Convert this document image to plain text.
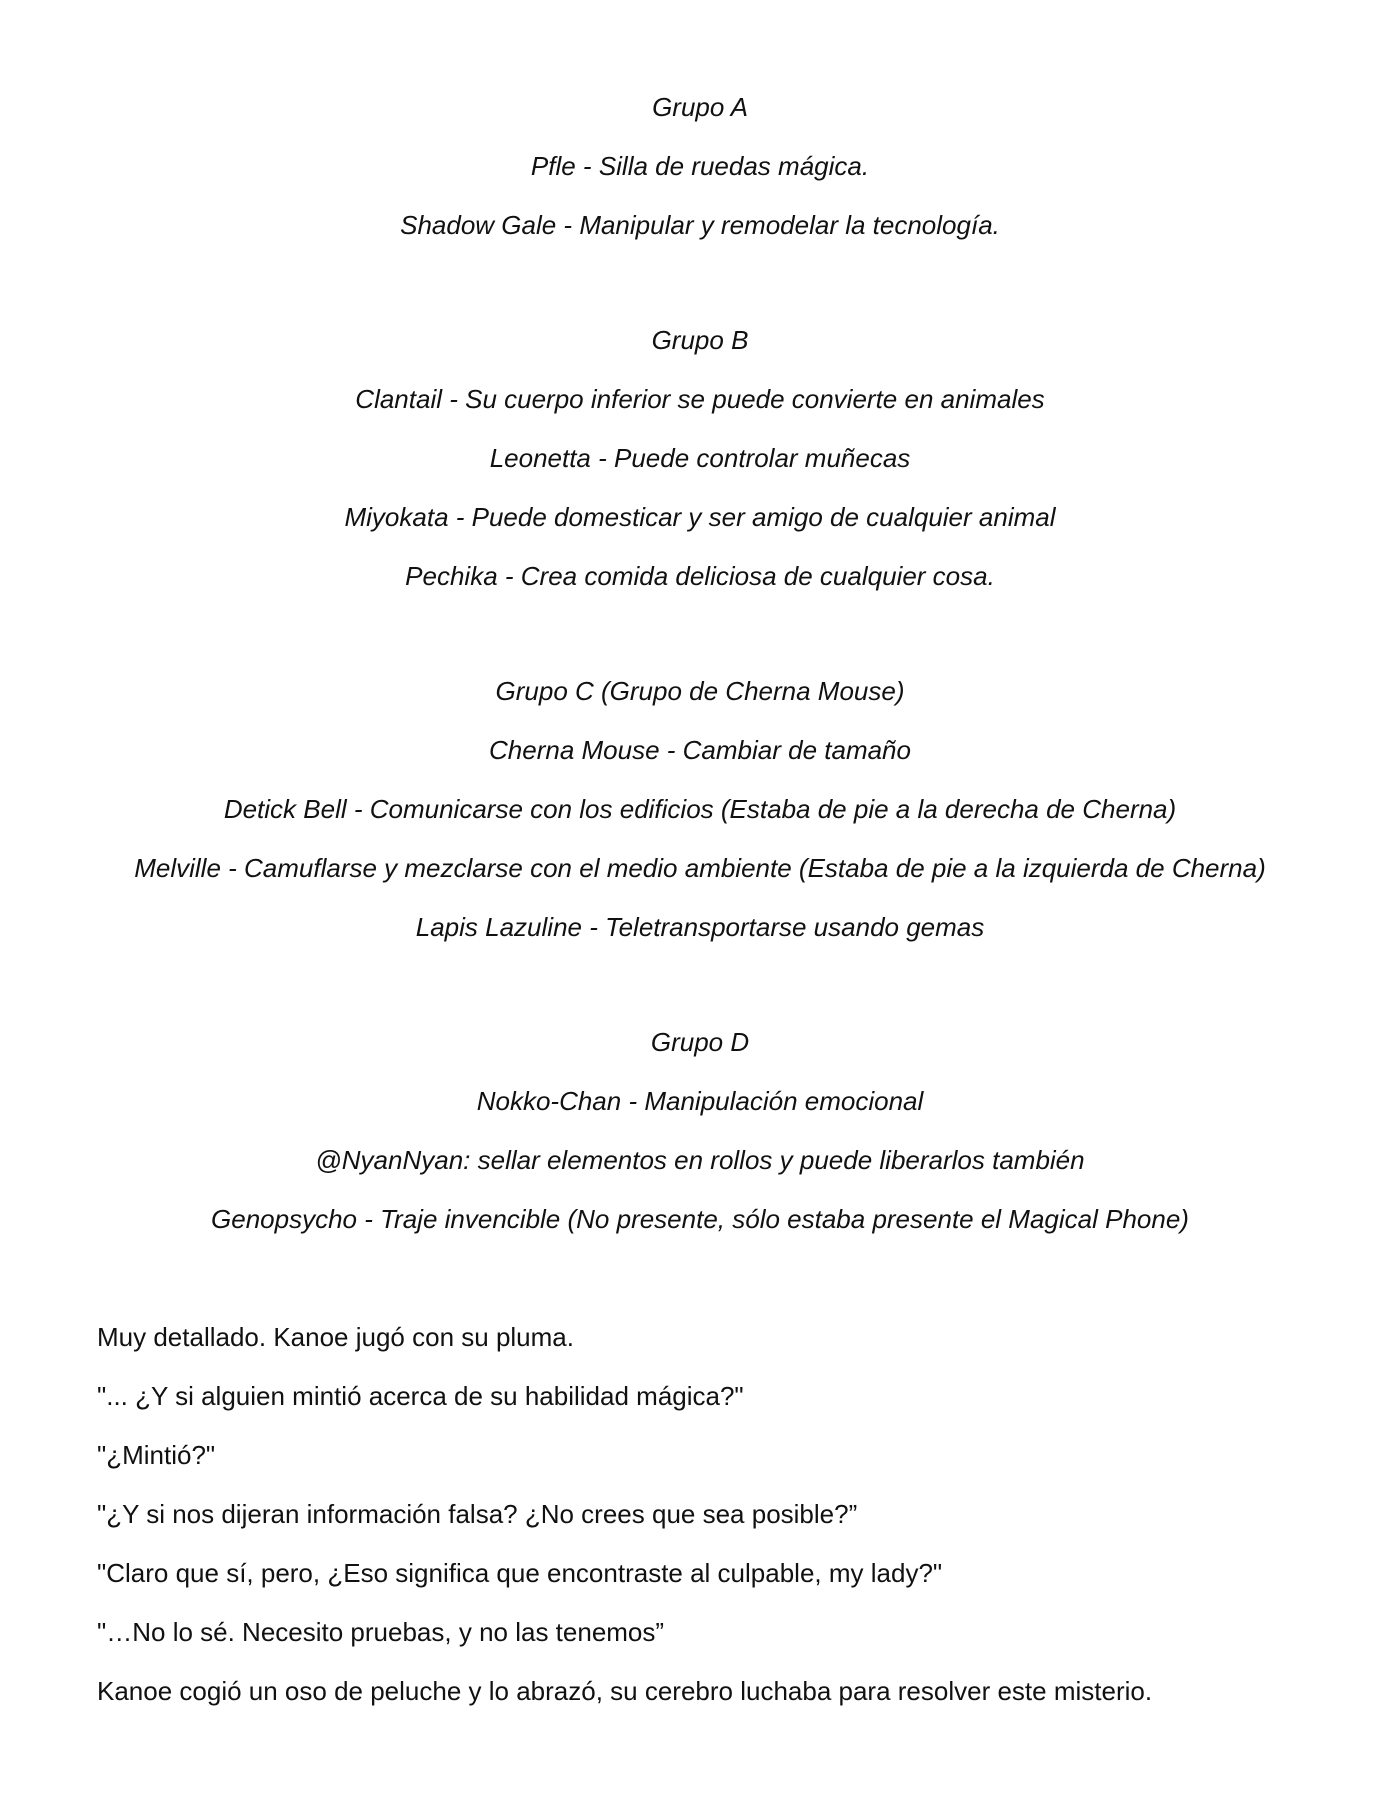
Grupo A
Pfle - Silla de ruedas mágica.
Shadow Gale - Manipular y remodelar la tecnología.
Grupo B
Clantail - Su cuerpo inferior se puede convierte en animales
Leonetta - Puede controlar muñecas
Miyokata - Puede domesticar y ser amigo de cualquier animal
Pechika - Crea comida deliciosa de cualquier cosa.
Grupo C (Grupo de Cherna Mouse)
Cherna Mouse - Cambiar de tamaño
Detick Bell - Comunicarse con los edificios (Estaba de pie a la derecha de Cherna)
Melville - Camuflarse y mezclarse con el medio ambiente (Estaba de pie a la izquierda de Cherna)
Lapis Lazuline - Teletransportarse usando gemas
Grupo D
Nokko-Chan - Manipulación emocional
@NyanNyan: sellar elementos en rollos y puede liberarlos también
Genopsycho - Traje invencible (No presente, sólo estaba presente el Magical Phone)
Muy detallado. Kanoe jugó con su pluma.
"... ¿Y si alguien mintió acerca de su habilidad mágica?"
"¿Mintió?"
"¿Y si nos dijeran información falsa? ¿No crees que sea posible?”
"Claro que sí, pero, ¿Eso significa que encontraste al culpable, my lady?"
"…No lo sé. Necesito pruebas, y no las tenemos”
Kanoe cogió un oso de peluche y lo abrazó, su cerebro luchaba para resolver este misterio.
